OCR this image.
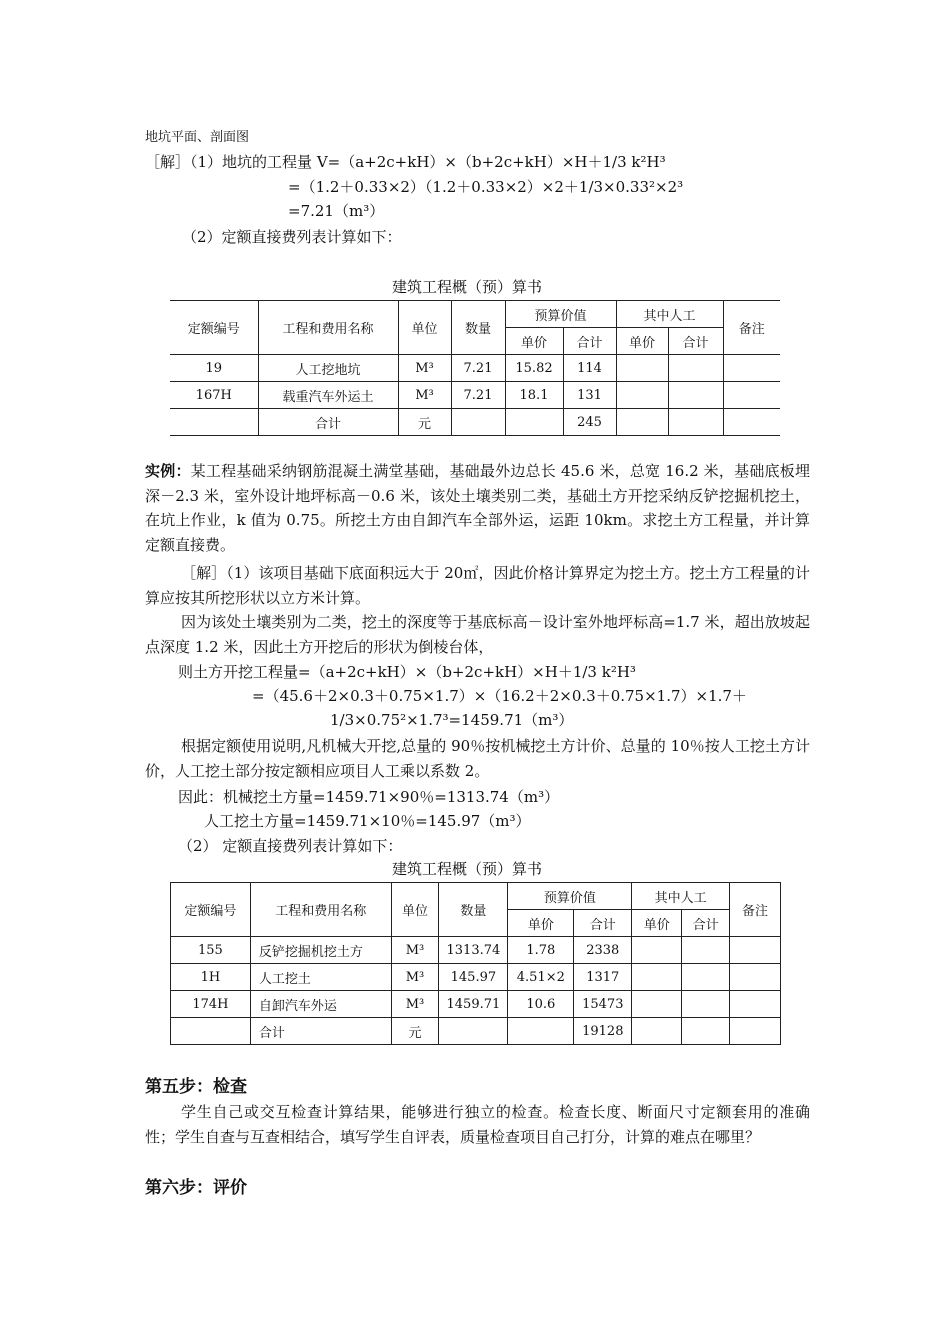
地坑平面、剖面图
［解］（1）地坑的工程量 V=（a+2c+kH）×（b+2c+kH）×H＋1/3 k²H³
=（1.2＋0.33×2）（1.2＋0.33×2）×2＋1/3×0.33²×2³
=7.21（m³）
（2）定额直接费列表计算如下：
建筑工程概（预）算书
定额编号	工程和费用名称	单位	数量	预算价值		其中人工		备注
				单价	合计	单价	合计	
19	人工挖地坑	M³	7.21	15.82	114			
167H	载重汽车外运土	M³	7.21	18.1	131			
	合计	元			245			
实例：某工程基础采纳钢筋混凝土满堂基础，基础最外边总长 45.6 米，总宽 16.2 米，基础底板埋深－2.3 米，室外设计地坪标高－0.6 米，该处土壤类别二类，基础土方开挖采纳反铲挖掘机挖土，在坑上作业，k 值为 0.75。所挖土方由自卸汽车全部外运，运距 10km。求挖土方工程量，并计算定额直接费。
［解］（1）该项目基础下底面积远大于 20㎡，因此价格计算界定为挖土方。挖土方工程量的计算应按其所挖形状以立方米计算。
因为该处土壤类别为二类，挖土的深度等于基底标高－设计室外地坪标高=1.7 米，超出放坡起点深度 1.2 米，因此土方开挖后的形状为倒棱台体，
则土方开挖工程量=（a+2c+kH）×（b+2c+kH）×H＋1/3 k²H³
=（45.6＋2×0.3＋0.75×1.7）×（16.2＋2×0.3＋0.75×1.7）×1.7＋
1/3×0.75²×1.7³=1459.71（m³）
根据定额使用说明,凡机械大开挖,总量的 90％按机械挖土方计价、总量的 10％按人工挖土方计价，人工挖土部分按定额相应项目人工乘以系数 2。
因此：机械挖土方量=1459.71×90％=1313.74（m³）
人工挖土方量=1459.71×10％=145.97（m³）
（2） 定额直接费列表计算如下：
建筑工程概（预）算书
定额编号	工程和费用名称	单位	数量	预算价值		其中人工		备注
				单价	合计	单价	合计	
155	反铲挖掘机挖土方	M³	1313.74	1.78	2338			
1H	人工挖土	M³	145.97	4.51×2	1317			
174H	自卸汽车外运	M³	1459.71	10.6	15473			
	合计	元			19128			
第五步：检查
学生自己或交互检查计算结果，能够进行独立的检查。检查长度、断面尺寸定额套用的准确性；学生自查与互查相结合，填写学生自评表，质量检查项目自己打分，计算的难点在哪里？
第六步：评价
